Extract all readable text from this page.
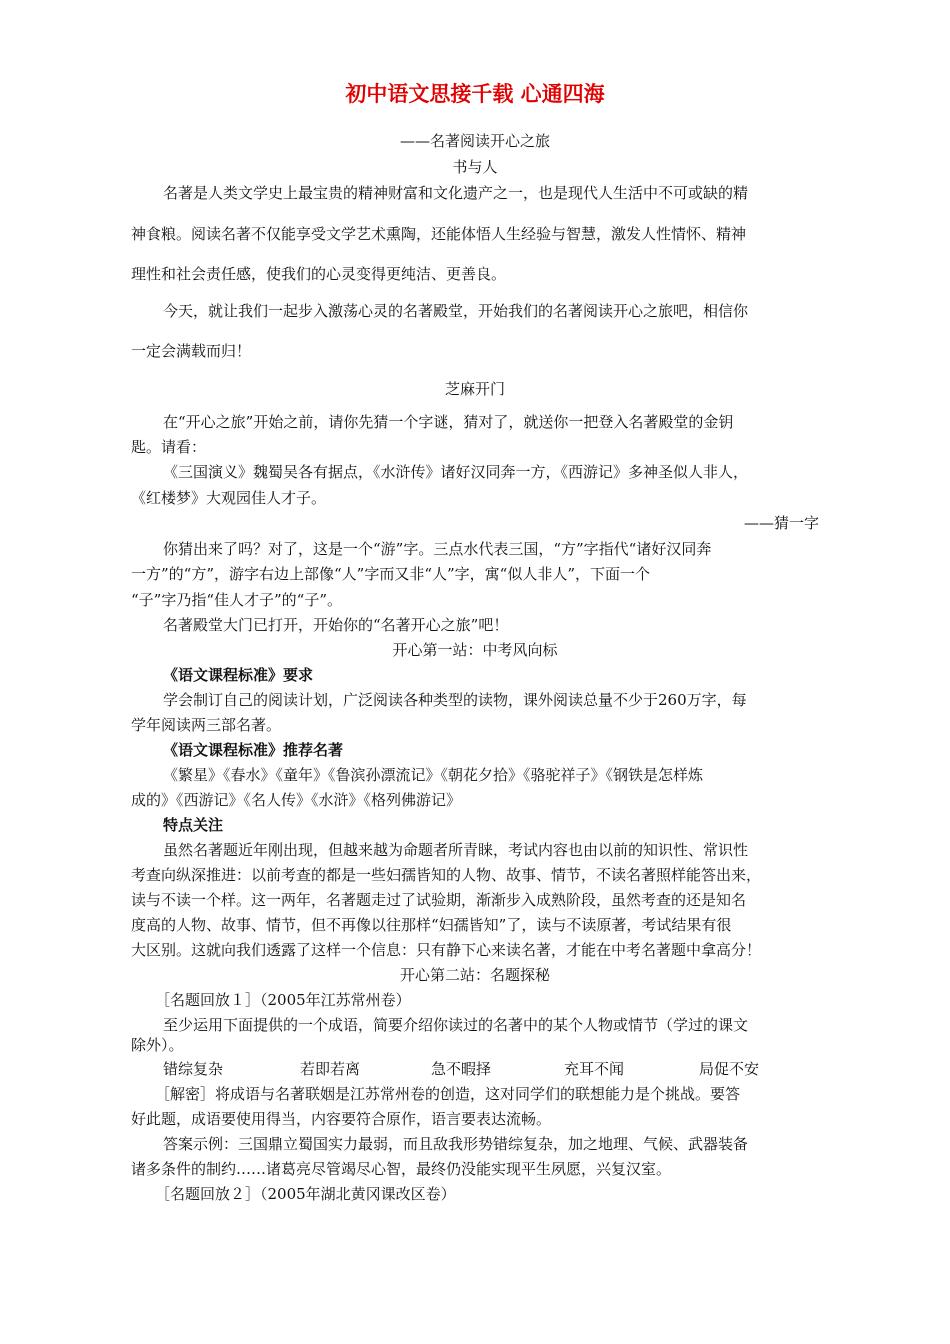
初中语文思接千载 心通四海
——名著阅读开心之旅
书与人
名著是人类文学史上最宝贵的精神财富和文化遗产之一，也是现代人生活中不可或缺的精
神食粮。阅读名著不仅能享受文学艺术熏陶，还能体悟人生经验与智慧，激发人性情怀、精神
理性和社会责任感，使我们的心灵变得更纯洁、更善良。
今天，就让我们一起步入激荡心灵的名著殿堂，开始我们的名著阅读开心之旅吧，相信你
一定会满载而归！
芝麻开门
在“开心之旅”开始之前，请你先猜一个字谜，猜对了，就送你一把登入名著殿堂的金钥
匙。请看：
《三国演义》魏蜀吴各有据点，《水浒传》诸好汉同奔一方，《西游记》多神圣似人非人，
《红楼梦》大观园佳人才子。
——猜一字
你猜出来了吗？对了，这是一个“游”字。三点水代表三国，“方”字指代“诸好汉同奔
一方”的“方”，游字右边上部像“人”字而又非“人”字，寓“似人非人”，下面一个
“子”字乃指“佳人才子”的“子”。
名著殿堂大门已打开，开始你的“名著开心之旅”吧！
开心第一站：中考风向标
《语文课程标准》要求
学会制订自己的阅读计划，广泛阅读各种类型的读物，课外阅读总量不少于260万字，每
学年阅读两三部名著。
《语文课程标准》推荐名著
《繁星》《春水》《童年》《鲁滨孙漂流记》《朝花夕拾》《骆驼祥子》《钢铁是怎样炼
成的》《西游记》《名人传》《水浒》《格列佛游记》
特点关注
虽然名著题近年刚出现，但越来越为命题者所青睐，考试内容也由以前的知识性、常识性
考查向纵深推进：以前考查的都是一些妇孺皆知的人物、故事、情节，不读名著照样能答出来，
读与不读一个样。这一两年，名著题走过了试验期，渐渐步入成熟阶段，虽然考查的还是知名
度高的人物、故事、情节，但不再像以往那样“妇孺皆知”了，读与不读原著，考试结果有很
大区别。这就向我们透露了这样一个信息：只有静下心来读名著，才能在中考名著题中拿高分！
开心第二站：名题探秘
［名题回放１］（2005年江苏常州卷）
至少运用下面提供的一个成语，简要介绍你读过的名著中的某个人物或情节（学过的课文
除外）。
错综复杂	若即若离	急不暇择	充耳不闻	局促不安
［解密］将成语与名著联姻是江苏常州卷的创造，这对同学们的联想能力是个挑战。要答
好此题，成语要使用得当，内容要符合原作，语言要表达流畅。
答案示例：三国鼎立蜀国实力最弱，而且敌我形势错综复杂，加之地理、气候、武器装备
诸多条件的制约……诸葛亮尽管竭尽心智，最终仍没能实现平生夙愿，兴复汉室。
［名题回放２］（2005年湖北黄冈课改区卷）
